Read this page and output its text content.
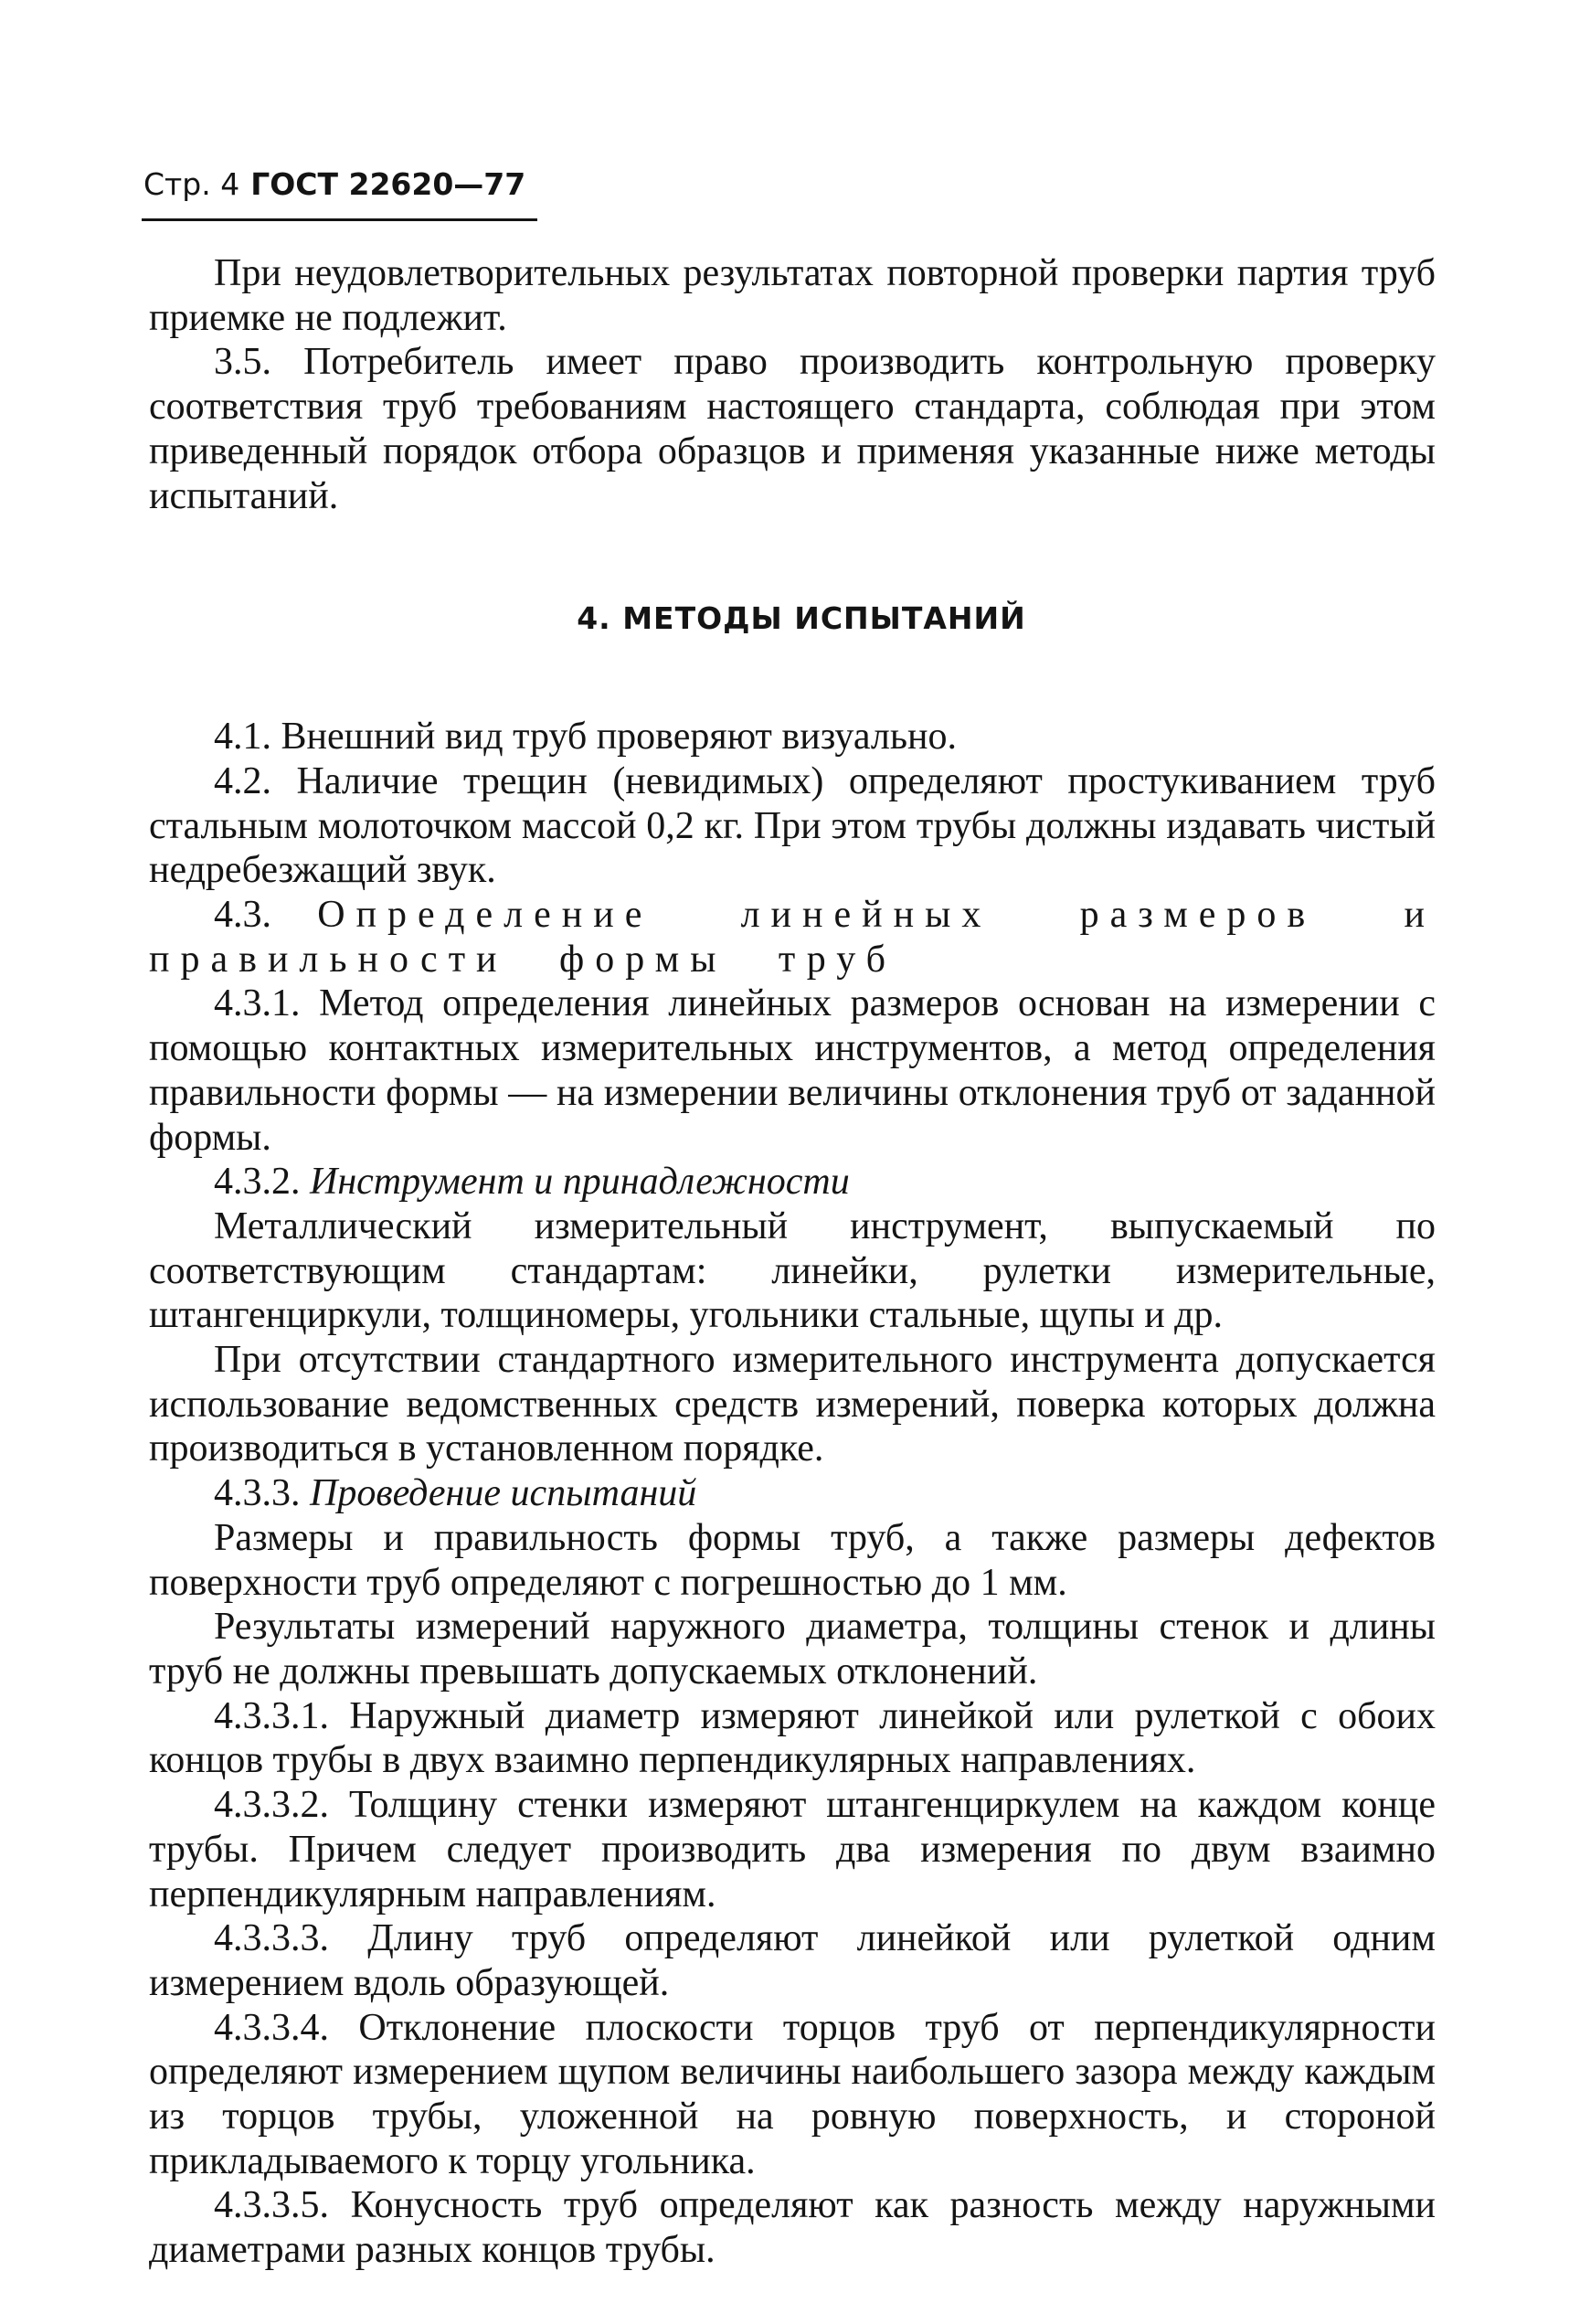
Стр. 4 ГОСТ 22620—77

При неудовлетворительных результатах повторной проверки партия труб приемке не подлежит.

3.5. Потребитель имеет право производить контрольную проверку соответствия труб требованиям настоящего стандарта, соблюдая при этом приведенный порядок отбора образцов и применяя указанные ниже методы испытаний.

4. МЕТОДЫ ИСПЫТАНИЙ

4.1. Внешний вид труб проверяют визуально.

4.2. Наличие трещин (невидимых) определяют простукиванием труб стальным молоточком массой 0,2 кг. При этом трубы должны издавать чистый недребезжащий звук.

4.3. Определение линейных размеров и правильности формы труб

4.3.1. Метод определения линейных размеров основан на измерении с помощью контактных измерительных инструментов, а метод определения правильности формы — на измерении величины отклонения труб от заданной формы.

4.3.2. Инструмент и принадлежности

Металлический измерительный инструмент, выпускаемый по соответствующим стандартам: линейки, рулетки измерительные, штангенциркули, толщиномеры, угольники стальные, щупы и др.

При отсутствии стандартного измерительного инструмента допускается использование ведомственных средств измерений, поверка которых должна производиться в установленном порядке.

4.3.3. Проведение испытаний

Размеры и правильность формы труб, а также размеры дефектов поверхности труб определяют с погрешностью до 1 мм.

Результаты измерений наружного диаметра, толщины стенок и длины труб не должны превышать допускаемых отклонений.

4.3.3.1. Наружный диаметр измеряют линейкой или рулеткой с обоих концов трубы в двух взаимно перпендикулярных направлениях.

4.3.3.2. Толщину стенки измеряют штангенциркулем на каждом конце трубы. Причем следует производить два измерения по двум взаимно перпендикулярным направлениям.

4.3.3.3. Длину труб определяют линейкой или рулеткой одним измерением вдоль образующей.

4.3.3.4. Отклонение плоскости торцов труб от перпендикулярности определяют измерением щупом величины наибольшего зазора между каждым из торцов трубы, уложенной на ровную поверхность, и стороной прикладываемого к торцу угольника.

4.3.3.5. Конусность труб определяют как разность между наружными диаметрами разных концов трубы.
